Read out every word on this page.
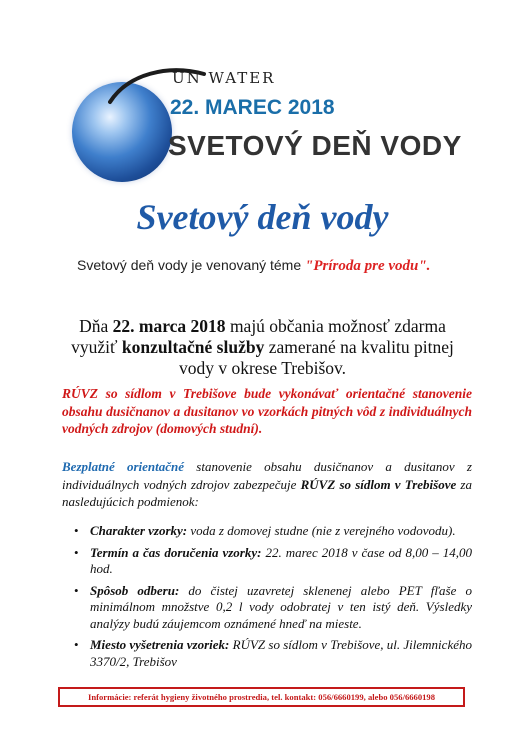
UN WATER
22. MAREC 2018
SVETOVÝ DEŇ VODY
Svetový deň vody
Svetový deň vody je venovaný téme "Príroda pre vodu".
Dňa 22. marca 2018 majú občania možnosť zdarma využiť konzultačné služby zamerané na kvalitu pitnej vody v okrese Trebišov.
RÚVZ so sídlom v Trebišove bude vykonávať orientačné stanovenie obsahu dusičnanov a dusitanov vo vzorkách pitných vôd z individuálnych vodných zdrojov (domových studní).
Bezplatné orientačné stanovenie obsahu dusičnanov a dusitanov z individuálnych vodných zdrojov zabezpečuje RÚVZ so sídlom v Trebišove za nasledujúcich podmienok:
• Charakter vzorky: voda z domovej studne (nie z verejného vodovodu).
• Termín a čas doručenia vzorky: 22. marec 2018 v čase od 8,00 – 14,00 hod.
• Spôsob odberu: do čistej uzavretej sklenenej alebo PET fľaše o minimálnom množstve 0,2 l vody odobratej v ten istý deň. Výsledky analýzy budú záujemcom oznámené hneď na mieste.
• Miesto vyšetrenia vzoriek: RÚVZ so sídlom v Trebišove, ul. Jilemnického 3370/2, Trebišov
Informácie: referát hygieny životného prostredia, tel. kontakt: 056/6660199, alebo 056/6660198
